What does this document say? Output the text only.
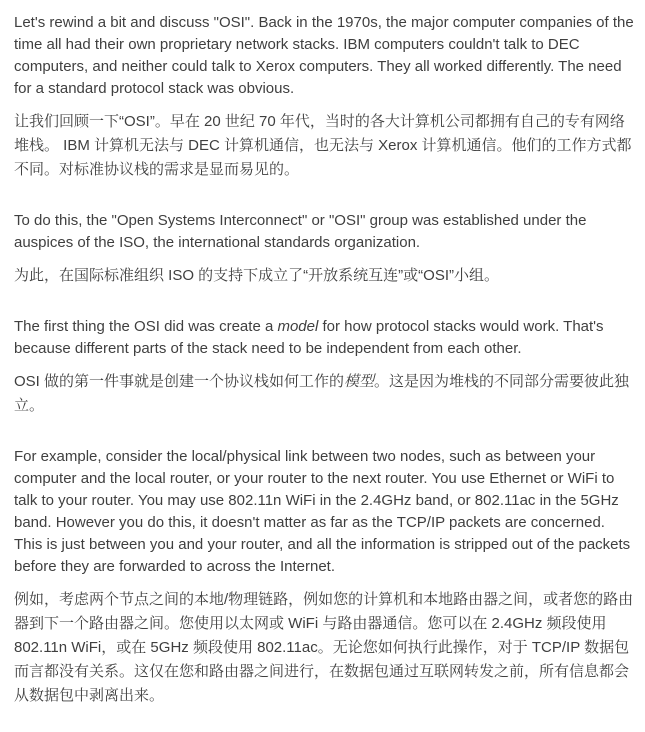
Let's rewind a bit and discuss "OSI". Back in the 1970s, the major computer companies of the time all had their own proprietary network stacks. IBM computers couldn't talk to DEC computers, and neither could talk to Xerox computers. They all worked differently. The need for a standard protocol stack was obvious.

让我们回顾一下“OSI”。早在 20 世纪 70 年代，当时的各大计算机公司都拥有自己的专有网络堆栈。 IBM 计算机无法与 DEC 计算机通信，也无法与 Xerox 计算机通信。他们的工作方式都不同。对标准协议栈的需求是显而易见的。

To do this, the "Open Systems Interconnect" or "OSI" group was established under the auspices of the ISO, the international standards organization.

为此，在国际标准组织 ISO 的支持下成立了“开放系统互连”或“OSI”小组。

The first thing the OSI did was create a model for how protocol stacks would work. That's because different parts of the stack need to be independent from each other.

OSI 做的第一件事就是创建一个协议栈如何工作的模型。这是因为堆栈的不同部分需要彼此独立。

For example, consider the local/physical link between two nodes, such as between your computer and the local router, or your router to the next router. You use Ethernet or WiFi to talk to your router. You may use 802.11n WiFi in the 2.4GHz band, or 802.11ac in the 5GHz band. However you do this, it doesn't matter as far as the TCP/IP packets are concerned. This is just between you and your router, and all the information is stripped out of the packets before they are forwarded to across the Internet.

例如，考虑两个节点之间的本地/物理链路，例如您的计算机和本地路由器之间，或者您的路由器到下一个路由器之间。您使用以太网或 WiFi 与路由器通信。您可以在 2.4GHz 频段使用 802.11n WiFi，或在 5GHz 频段使用 802.11ac。无论您如何执行此操作，对于 TCP/IP 数据包而言都没有关系。这仅在您和路由器之间进行，在数据包通过互联网转发之前，所有信息都会从数据包中剥离出来。
